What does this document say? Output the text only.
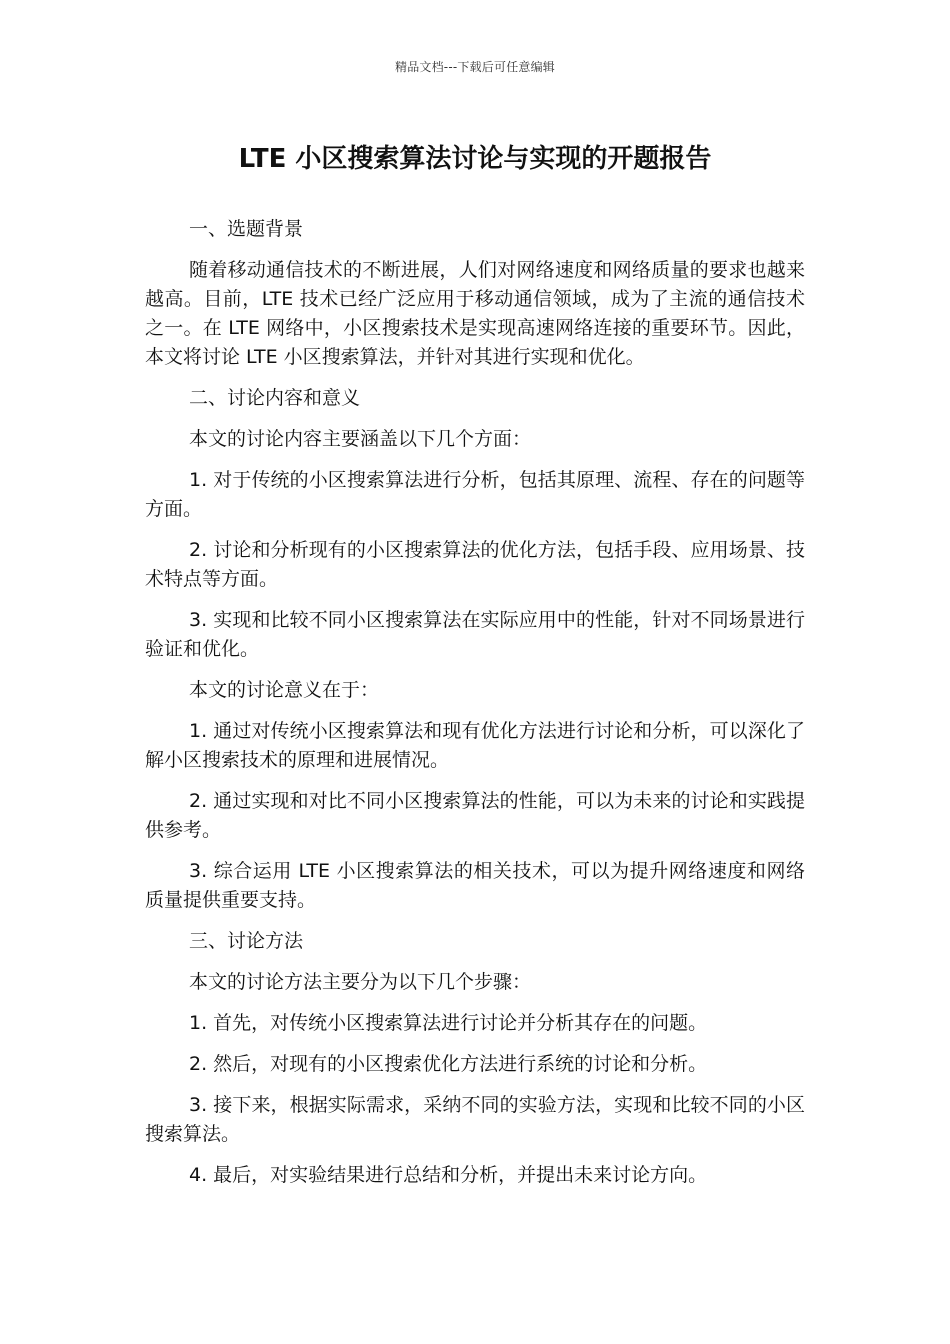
精品文档---下载后可任意编辑
LTE 小区搜索算法讨论与实现的开题报告

一、选题背景

随着移动通信技术的不断进展，人们对网络速度和网络质量的要求也越来越高。目前，LTE 技术已经广泛应用于移动通信领域，成为了主流的通信技术之一。在 LTE 网络中，小区搜索技术是实现高速网络连接的重要环节。因此，本文将讨论 LTE 小区搜索算法，并针对其进行实现和优化。

二、讨论内容和意义

本文的讨论内容主要涵盖以下几个方面：

1. 对于传统的小区搜索算法进行分析，包括其原理、流程、存在的问题等方面。

2. 讨论和分析现有的小区搜索算法的优化方法，包括手段、应用场景、技术特点等方面。

3. 实现和比较不同小区搜索算法在实际应用中的性能，针对不同场景进行验证和优化。

本文的讨论意义在于：

1. 通过对传统小区搜索算法和现有优化方法进行讨论和分析，可以深化了解小区搜索技术的原理和进展情况。

2. 通过实现和对比不同小区搜索算法的性能，可以为未来的讨论和实践提供参考。

3. 综合运用 LTE 小区搜索算法的相关技术，可以为提升网络速度和网络质量提供重要支持。

三、讨论方法

本文的讨论方法主要分为以下几个步骤：

1. 首先，对传统小区搜索算法进行讨论并分析其存在的问题。

2. 然后，对现有的小区搜索优化方法进行系统的讨论和分析。

3. 接下来，根据实际需求，采纳不同的实验方法，实现和比较不同的小区搜索算法。

4. 最后，对实验结果进行总结和分析，并提出未来讨论方向。
